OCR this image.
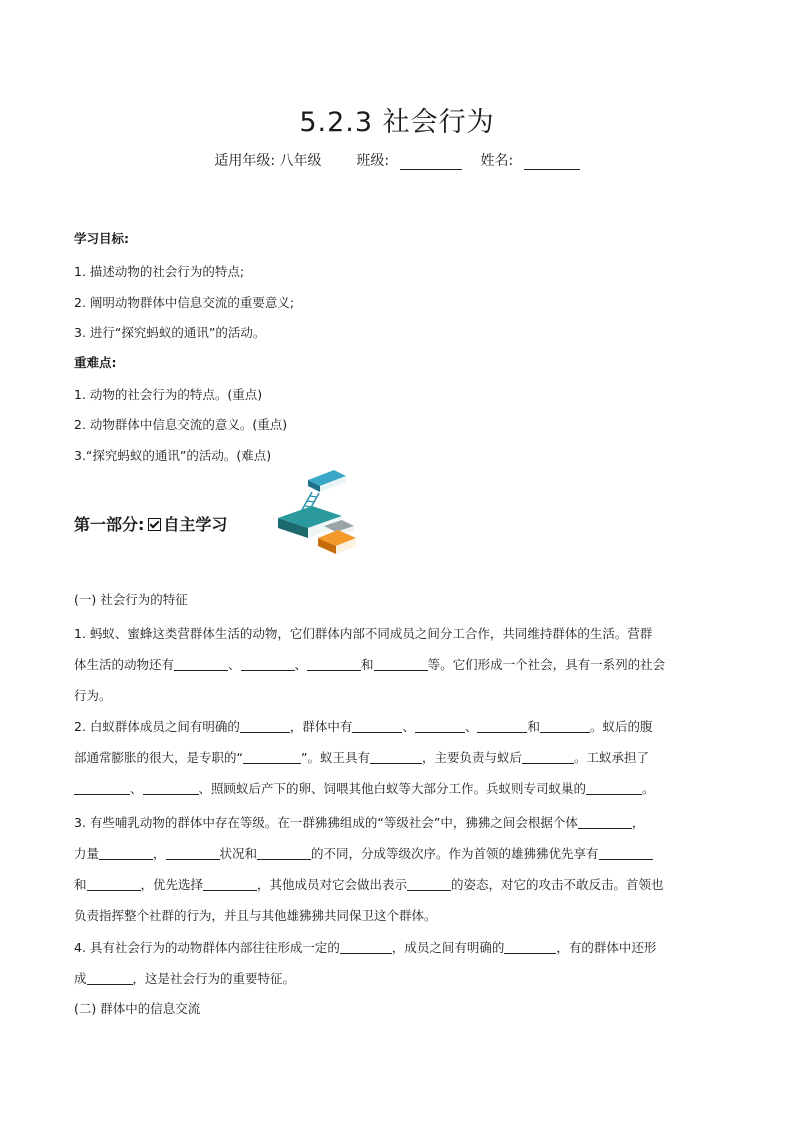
5.2.3 社会行为
适用年级: 八年级 班级:	姓名:
学习目标:
1. 描述动物的社会行为的特点;
2. 阐明动物群体中信息交流的重要意义;
3. 进行“探究蚂蚁的通讯”的活动。
重难点:
1. 动物的社会行为的特点。(重点)
2. 动物群体中信息交流的意义。(重点)
3.“探究蚂蚁的通讯”的活动。(难点)
第一部分: 自主学习
(一) 社会行为的特征
1. 蚂蚁、蜜蜂这类营群体生活的动物，它们群体内部不同成员之间分工合作，共同维持群体的生活。营群
体生活的动物还有	、	、	和	等。它们形成一个社会，具有一系列的社会
行为。
2. 白蚁群体成员之间有明确的	，群体中有	、	、	和	。蚁后的腹
部通常膨胀的很大，是专职的“	”。蚁王具有	，主要负责与蚁后	。工蚁承担了
、	、照顾蚁后产下的卵、饲喂其他白蚁等大部分工作。兵蚁则专司蚁巢的	。
3. 有些哺乳动物的群体中存在等级。在一群狒狒组成的“等级社会”中，狒狒之间会根据个体	，
力量	，	状况和	的不同，分成等级次序。作为首领的雄狒狒优先享有
和	，优先选择	，其他成员对它会做出表示	的姿态，对它的攻击不敢反击。首领也
负责指挥整个社群的行为，并且与其他雄狒狒共同保卫这个群体。
4. 具有社会行为的动物群体内部往往形成一定的	，成员之间有明确的	，有的群体中还形
成	，这是社会行为的重要特征。
(二) 群体中的信息交流
